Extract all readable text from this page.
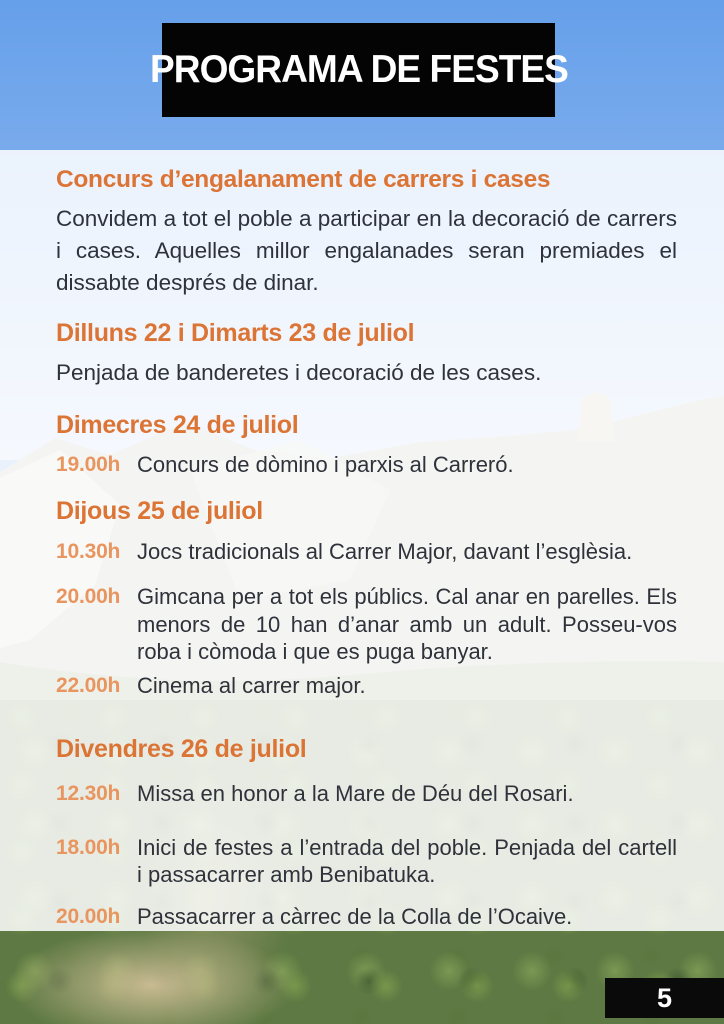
PROGRAMA DE FESTES
Concurs d’engalanament de carrers i cases

Convidem a tot el poble a participar en la decoració de carrers i cases. Aquelles millor engalanades seran premiades el dissabte després de dinar.

Dilluns 22 i Dimarts 23 de juliol

Penjada de banderetes i decoració de les cases.

Dimecres 24 de juliol
19.00h Concurs de dòmino i parxis al Carreró.
Dijous 25 de juliol
10.30h Jocs tradicionals al Carrer Major, davant l’esglèsia.
20.00h Gimcana per a tot els públics. Cal anar en parelles. Els menors de 10 han d’anar amb un adult. Posseu-vos roba i còmoda i que es puga banyar.
22.00h Cinema al carrer major.
Divendres 26 de juliol
12.30h Missa en honor a la Mare de Déu del Rosari.
18.00h Inici de festes a l’entrada del poble. Penjada del cartell i passacarrer amb Benibatuka.
20.00h Passacarrer a càrrec de la Colla de l’Ocaive.
5
